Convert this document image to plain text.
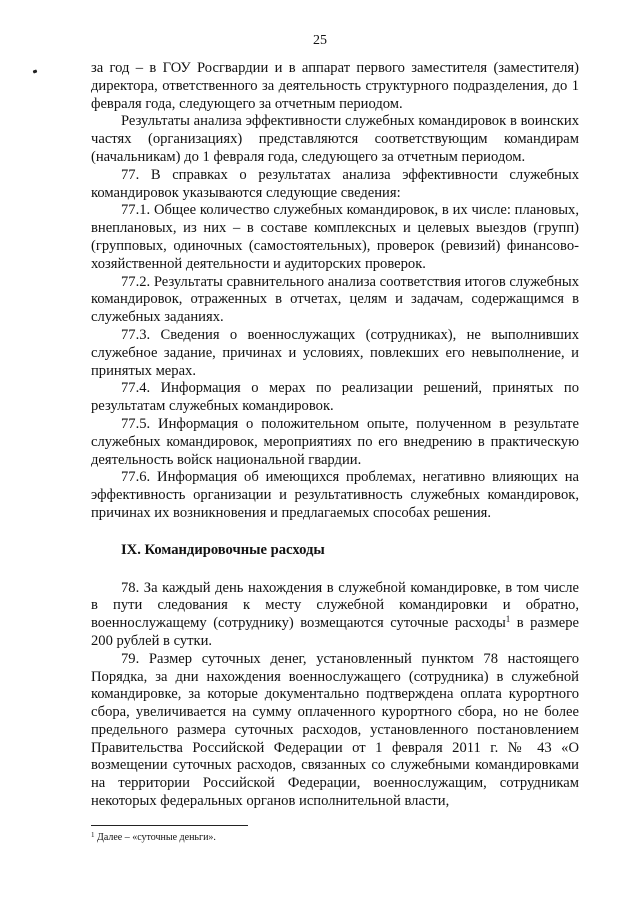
25

за год – в ГОУ Росгвардии и в аппарат первого заместителя (заместителя) директора, ответственного за деятельность структурного подразделения, до 1 февраля года, следующего за отчетным периодом.

Результаты анализа эффективности служебных командировок в воинских частях (организациях) представляются соответствующим командирам (начальникам) до 1 февраля года, следующего за отчетным периодом.

77. В справках о результатах анализа эффективности служебных командировок указываются следующие сведения:

77.1. Общее количество служебных командировок, в их числе: плановых, внеплановых, из них – в составе комплексных и целевых выездов (групп) (групповых, одиночных (самостоятельных), проверок (ревизий) финансово-хозяйственной деятельности и аудиторских проверок.

77.2. Результаты сравнительного анализа соответствия итогов служебных командировок, отраженных в отчетах, целям и задачам, содержащимся в служебных заданиях.

77.3. Сведения о военнослужащих (сотрудниках), не выполнивших служебное задание, причинах и условиях, повлекших его невыполнение, и принятых мерах.

77.4. Информация о мерах по реализации решений, принятых по результатам служебных командировок.

77.5. Информация о положительном опыте, полученном в результате служебных командировок, мероприятиях по его внедрению в практическую деятельность войск национальной гвардии.

77.6. Информация об имеющихся проблемах, негативно влияющих на эффективность организации и результативность служебных командировок, причинах их возникновения и предлагаемых способах решения.

IX. Командировочные расходы

78. За каждый день нахождения в служебной командировке, в том числе в пути следования к месту служебной командировки и обратно, военнослужащему (сотруднику) возмещаются суточные расходы$^1$ в размере 200 рублей в сутки.

79. Размер суточных денег, установленный пунктом 78 настоящего Порядка, за дни нахождения военнослужащего (сотрудника) в служебной командировке, за которые документально подтверждена оплата курортного сбора, увеличивается на сумму оплаченного курортного сбора, но не более предельного размера суточных расходов, установленного постановлением Правительства Российской Федерации от 1 февраля 2011 г. № 43 «О возмещении суточных расходов, связанных со служебными командировками на территории Российской Федерации, военнослужащим, сотрудникам некоторых федеральных органов исполнительной власти,

$^1$ Далее – «суточные деньги».
